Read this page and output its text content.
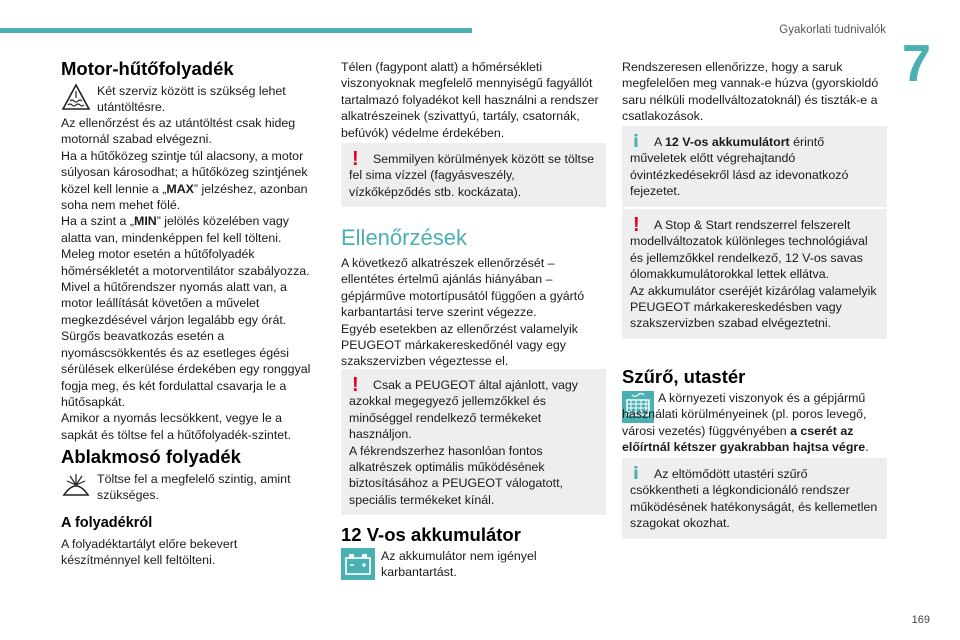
Gyakorlati tudnivalók
7
169
Motor-hűtőfolyadék
Két szerviz között is szükség lehet utántöltésre.

Az ellenőrzést és az utántöltést csak hideg motornál szabad elvégezni.

Ha a hűtőközeg szintje túl alacsony, a motor súlyosan károsodhat; a hűtőközeg szintjének közel kell lennie a „MAX” jelzéshez, azonban soha nem mehet fölé.

Ha a szint a „MIN” jelölés közelében vagy alatta van, mindenképpen fel kell tölteni.

Meleg motor esetén a hűtőfolyadék hőmérsékletét a motorventilátor szabályozza.

Mivel a hűtőrendszer nyomás alatt van, a motor leállítását követően a művelet megkezdésével várjon legalább egy órát.

Sürgős beavatkozás esetén a nyomáscsökkentés és az esetleges égési sérülések elkerülése érdekében egy ronggyal fogja meg, és két fordulattal csavarja le a hűtősapkát.

Amikor a nyomás lecsökkent, vegye le a sapkát és töltse fel a hűtőfolyadék-szintet.

Ablakmosó folyadék
Töltse fel a megfelelő szintig, amint szükséges.
A folyadékról

A folyadéktartályt előre bekevert készítménnyel kell feltölteni.

Télen (fagypont alatt) a hőmérsékleti viszonyoknak megfelelő mennyiségű fagyállót tartalmazó folyadékot kell használni a rendszer alkatrészeinek (szivattyú, tartály, csatornák, befúvók) védelme érdekében.

!	Semmilyen körülmények között se töltse fel sima vízzel (fagyásveszély, vízkőképződés stb. kockázata).

Ellenőrzések

A következő alkatrészek ellenőrzését – ellentétes értelmű ajánlás hiányában – gépjárműve motortípusától függően a gyártó karbantartási terve szerint végezze.

Egyéb esetekben az ellenőrzést valamelyik PEUGEOT márkakereskedőnél vagy egy szakszervizben végeztesse el.

!	Csak a PEUGEOT által ajánlott, vagy azokkal megegyező jellemzőkkel és minőséggel rendelkező termékeket használjon.

A fékrendszerhez hasonlóan fontos alkatrészek optimális működésének biztosításához a PEUGEOT válogatott, speciális termékeket kínál.

12 V-os akkumulátor
Az akkumulátor nem igényel karbantartást.

Rendszeresen ellenőrizze, hogy a saruk megfelelően meg vannak-e húzva (gyorskioldó saru nélküli modellváltozatoknál) és tiszták-e a csatlakozások.

i	A 12 V-os akkumulátort érintő műveletek előtt végrehajtandó óvintézkedésekről lásd az idevonatkozó fejezetet.

!	A Stop & Start rendszerrel felszerelt modellváltozatok különleges technológiával és jellemzőkkel rendelkező, 12 V-os savas ólomakkumulátorokkal lettek ellátva.

Az akkumulátor cseréjét kizárólag valamelyik PEUGEOT márkakereskedésben vagy szakszervizben szabad elvégeztetni.

Szűrő, utastér

A környezeti viszonyok és a gépjármű használati körülményeinek (pl. poros levegő, városi vezetés) függvényében a cserét az előírtnál kétszer gyakrabban hajtsa végre.

i	Az eltömődött utastéri szűrő csökkentheti a légkondicionáló rendszer működésének hatékonyságát, és kellemetlen szagokat okozhat.
